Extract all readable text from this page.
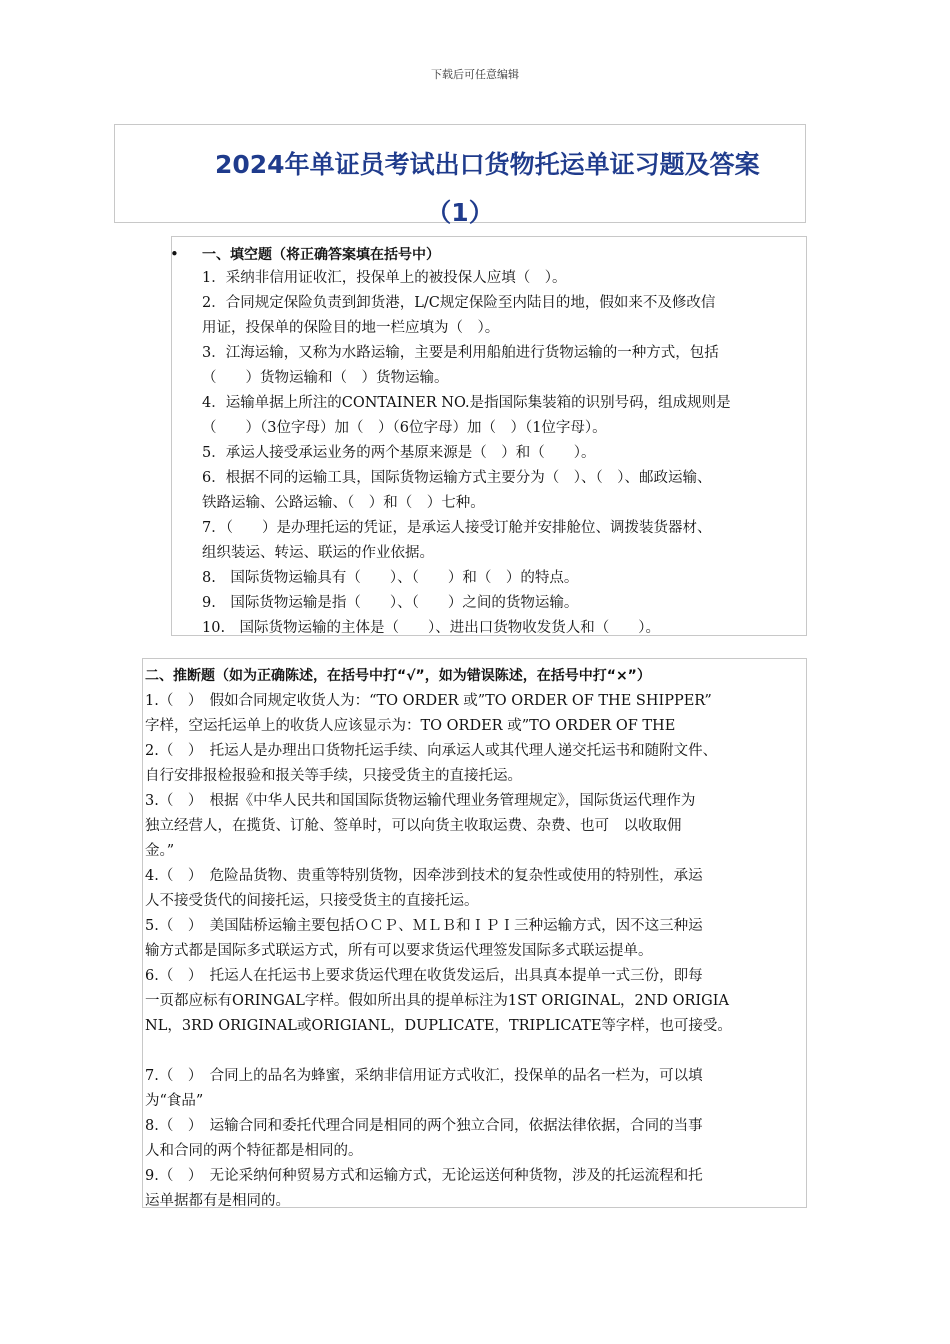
下载后可任意编辑
2024年单证员考试出口货物托运单证习题及答案
（1）
• 一、填空题（将正确答案填在括号中）
1．采纳非信用证收汇，投保单上的被投保人应填（　）。
2．合同规定保险负责到卸货港，L/C规定保险至内陆目的地，假如来不及修改信
用证，投保单的保险目的地一栏应填为（　）。
3．江海运输，又称为水路运输，主要是利用船舶进行货物运输的一种方式，包括
（　　）货物运输和（　）货物运输。
4．运输单据上所注的CONTAINER NO.是指国际集装箱的识别号码，组成规则是
（　　）（3位字母）加（　）（6位字母）加（　）（1位字母）。
5．承运人接受承运业务的两个基原来源是（　）和（　　）。
6．根据不同的运输工具，国际货物运输方式主要分为（　）、（　）、邮政运输、
铁路运输、公路运输、（　）和（　）七种。
7．（　　）是办理托运的凭证，是承运人接受订舱并安排舱位、调拨装货器材、
组织装运、转运、联运的作业依据。
8.　国际货物运输具有（　　）、（　　）和（　）的特点。
9.　国际货物运输是指（　　）、（　　）之间的货物运输。
10.　国际货物运输的主体是（　　）、进出口货物收发货人和（　　）。
二、推断题（如为正确陈述，在括号中打“√”，如为错误陈述，在括号中打“×”）
1.（　）　假如合同规定收货人为：“TO ORDER 或”TO ORDER OF THE SHIPPER”
字样，空运托运单上的收货人应该显示为：TO ORDER 或”TO ORDER OF THE
2.（　）　托运人是办理出口货物托运手续、向承运人或其代理人递交托运书和随附文件、
自行安排报检报验和报关等手续，只接受货主的直接托运。
3.（　）　根据《中华人民共和国国际货物运输代理业务管理规定》，国际货运代理作为
独立经营人，在揽货、订舱、签单时，可以向货主收取运费、杂费、也可　以收取佣
金。”
4.（　）　危险品货物、贵重等特别货物，因牵涉到技术的复杂性或使用的特别性，承运
人不接受货代的间接托运，只接受货主的直接托运。
5.（　）　美国陆桥运输主要包括ＯＣＰ、ＭＬＢ和ＩＰＩ三种运输方式，因不这三种运
输方式都是国际多式联运方式，所有可以要求货运代理签发国际多式联运提单。
6.（　）　托运人在托运书上要求货运代理在收货发运后，出具真本提单一式三份，即每
一页都应标有ORINGAL字样。假如所出具的提单标注为1ST ORIGINAL，2ND ORIGIA
NL，3RD ORIGINAL或ORIGIANL，DUPLICATE，TRIPLICATE等字样，也可接受。
7.（　）　合同上的品名为蜂蜜，采纳非信用证方式收汇，投保单的品名一栏为，可以填
为“食品”
8.（　）　运输合同和委托代理合同是相同的两个独立合同，依据法律依据，合同的当事
人和合同的两个特征都是相同的。
9.（　）　无论采纳何种贸易方式和运输方式，无论运送何种货物，涉及的托运流程和托
运单据都有是相同的。
